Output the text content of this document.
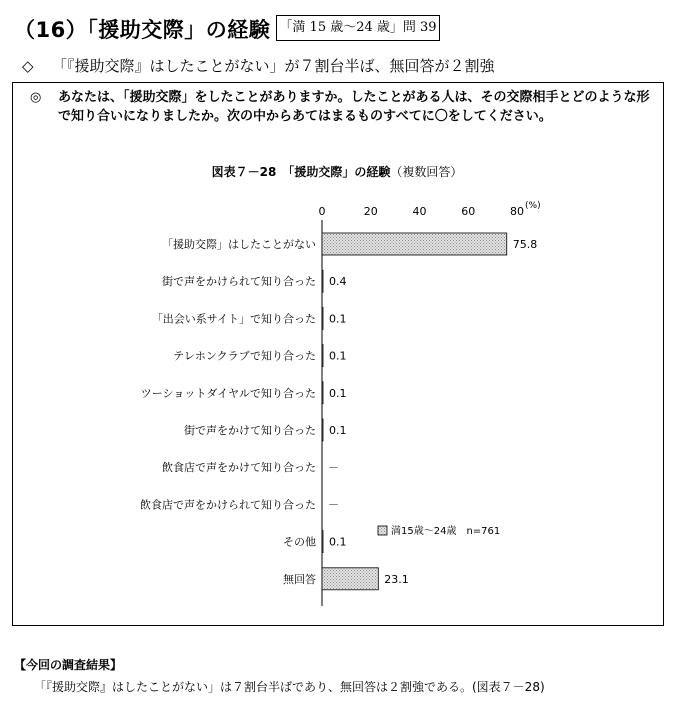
（16）「援助交際」の経験 「満 15 歳～24 歳」問 39
◇ 「『援助交際』はしたことがない」が７割台半ば、無回答が２割強
◎	あなたは、「援助交際」をしたことがありますか。したことがある人は、その交際相手とどのような形で知り合いになりましたか。次の中からあてはまるものすべてに〇をしてください。
図表７－28　「援助交際」の経験（複数回答）
0	20	40	60	80 (%)
「援助交際」はしたことがない	75.8
街で声をかけられて知り合った 0.4
「出会い系サイト」で知り合った 0.1
テレホンクラブで知り合った 0.1
ツーショットダイヤルで知り合った 0.1
街で声をかけて知り合った 0.1
飲食店で声をかけて知り合った －
飲食店で声をかけられて知り合った －
その他 0.1
無回答	23.1
満15歳～24歳　n=761
【今回の調査結果】
「『援助交際』はしたことがない」は７割台半ばであり、無回答は２割強である。(図表７－28)
